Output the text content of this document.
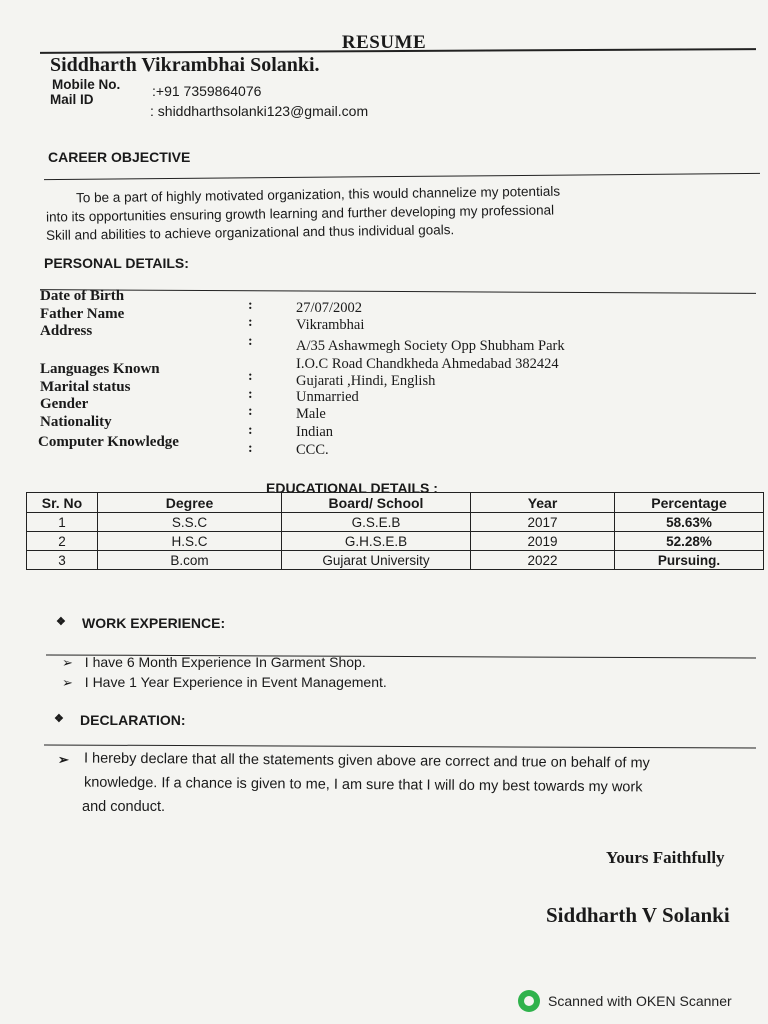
RESUME
Siddharth Vikrambhai Solanki.
Mobile No. :+91 7359864076
Mail ID
: shiddharthsolanki123@gmail.com
CAREER OBJECTIVE
To be a part of highly motivated organization, this would channelize my potentials
into its opportunities ensuring growth learning and further developing my professional
Skill and abilities to achieve organizational and thus individual goals.
PERSONAL DETAILS:
Date of Birth
:	27/07/2002
Father Name
:	Vikrambhai
Address
:	A/35 Ashawmegh Society Opp Shubham Park
I.O.C Road Chandkheda Ahmedabad 382424
Languages Known	:	Gujarati ,Hindi, English
Marital status	:	Unmarried
Gender	:	Male
Nationality
:	Indian
Computer Knowledge	:	CCC.
EDUCATIONAL DETAILS :
Sr. No	Degree	Board/ School	Year	Percentage
1	S.S.C	G.S.E.B	2017	58.63%
2	H.S.C	G.H.S.E.B	2019	52.28%
3	B.com	Gujarat University	2022	Pursuing.
❖ WORK EXPERIENCE:
➢ I have 6 Month Experience In Garment Shop.
➢ I Have 1 Year Experience in Event Management.
❖ DECLARATION:
➢ I hereby declare that all the statements given above are correct and true on behalf of my
knowledge. If a chance is given to me, I am sure that I will do my best towards my work
and conduct.
Yours Faithfully
Siddharth V Solanki
Scanned with OKEN Scanner
